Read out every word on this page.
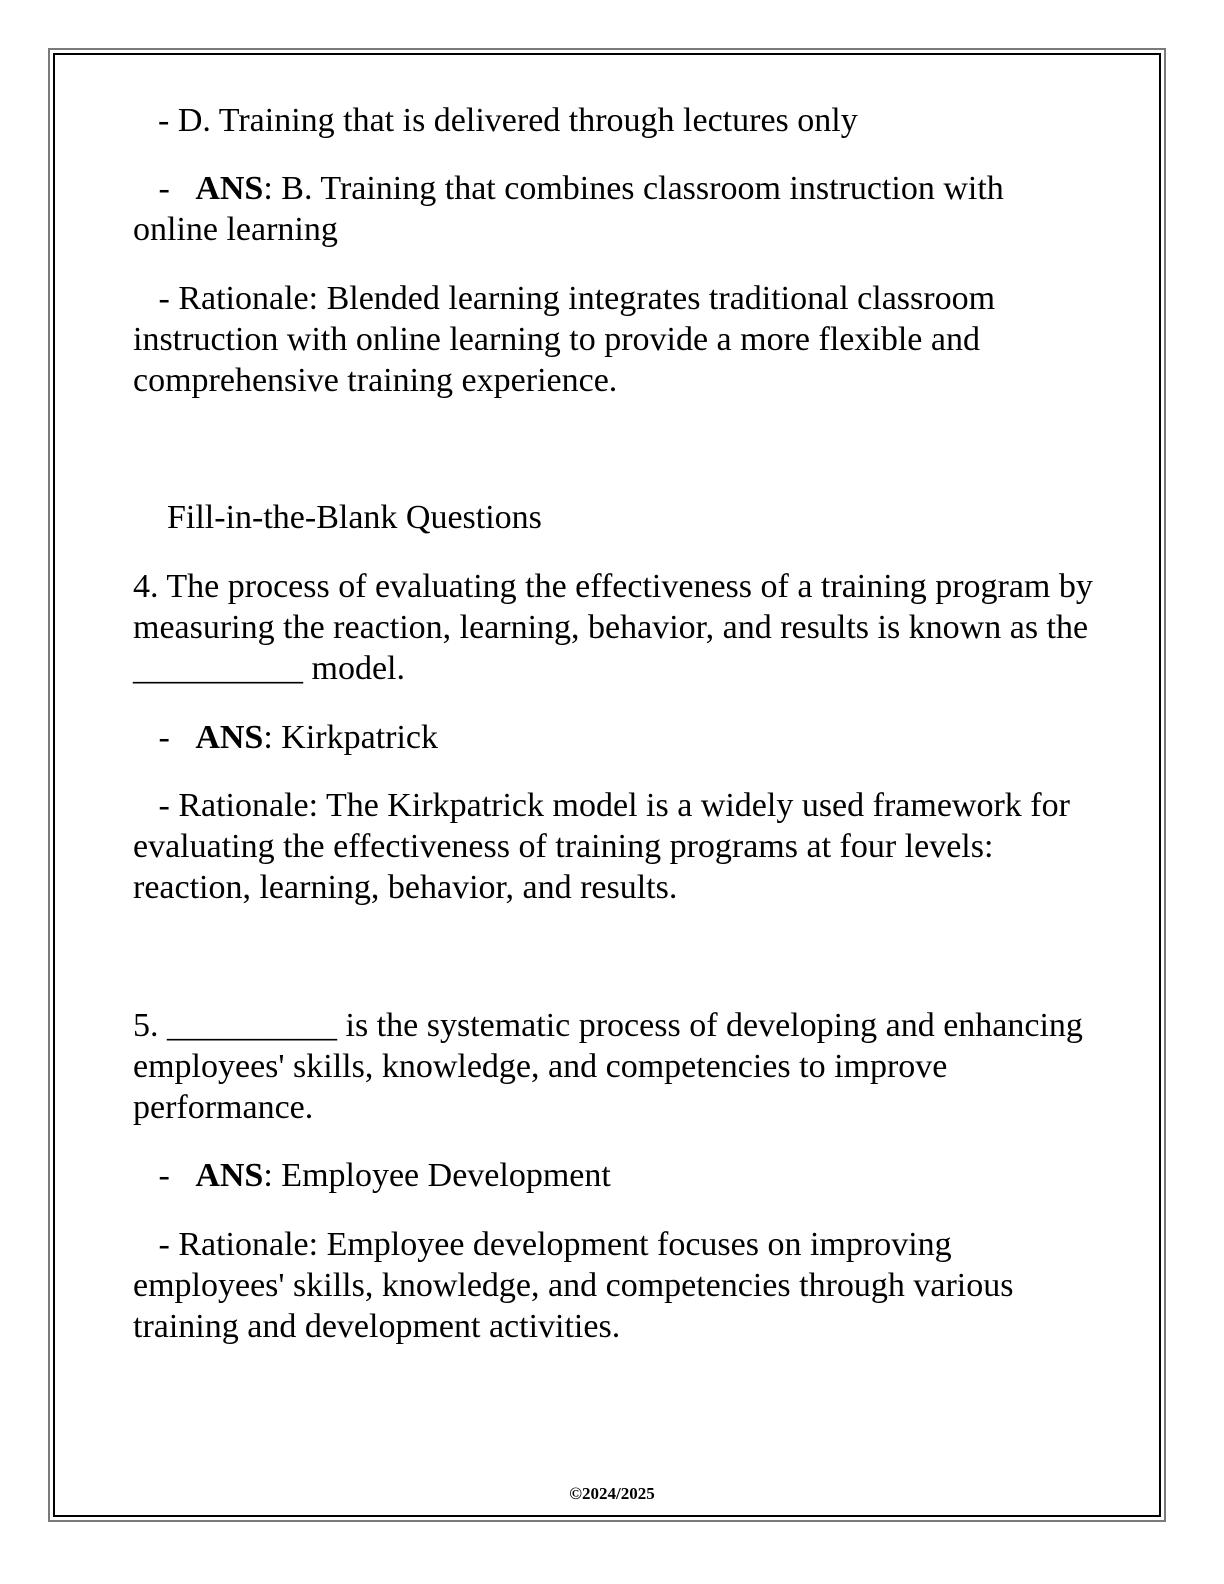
- D. Training that is delivered through lectures only

- ANS: B. Training that combines classroom instruction with online learning

- Rationale: Blended learning integrates traditional classroom instruction with online learning to provide a more flexible and comprehensive training experience.

Fill-in-the-Blank Questions

4. The process of evaluating the effectiveness of a training program by measuring the reaction, learning, behavior, and results is known as the __________ model.

- ANS: Kirkpatrick

- Rationale: The Kirkpatrick model is a widely used framework for evaluating the effectiveness of training programs at four levels: reaction, learning, behavior, and results.

5. __________ is the systematic process of developing and enhancing employees' skills, knowledge, and competencies to improve performance.

- ANS: Employee Development

- Rationale: Employee development focuses on improving employees' skills, knowledge, and competencies through various training and development activities.

©2024/2025
